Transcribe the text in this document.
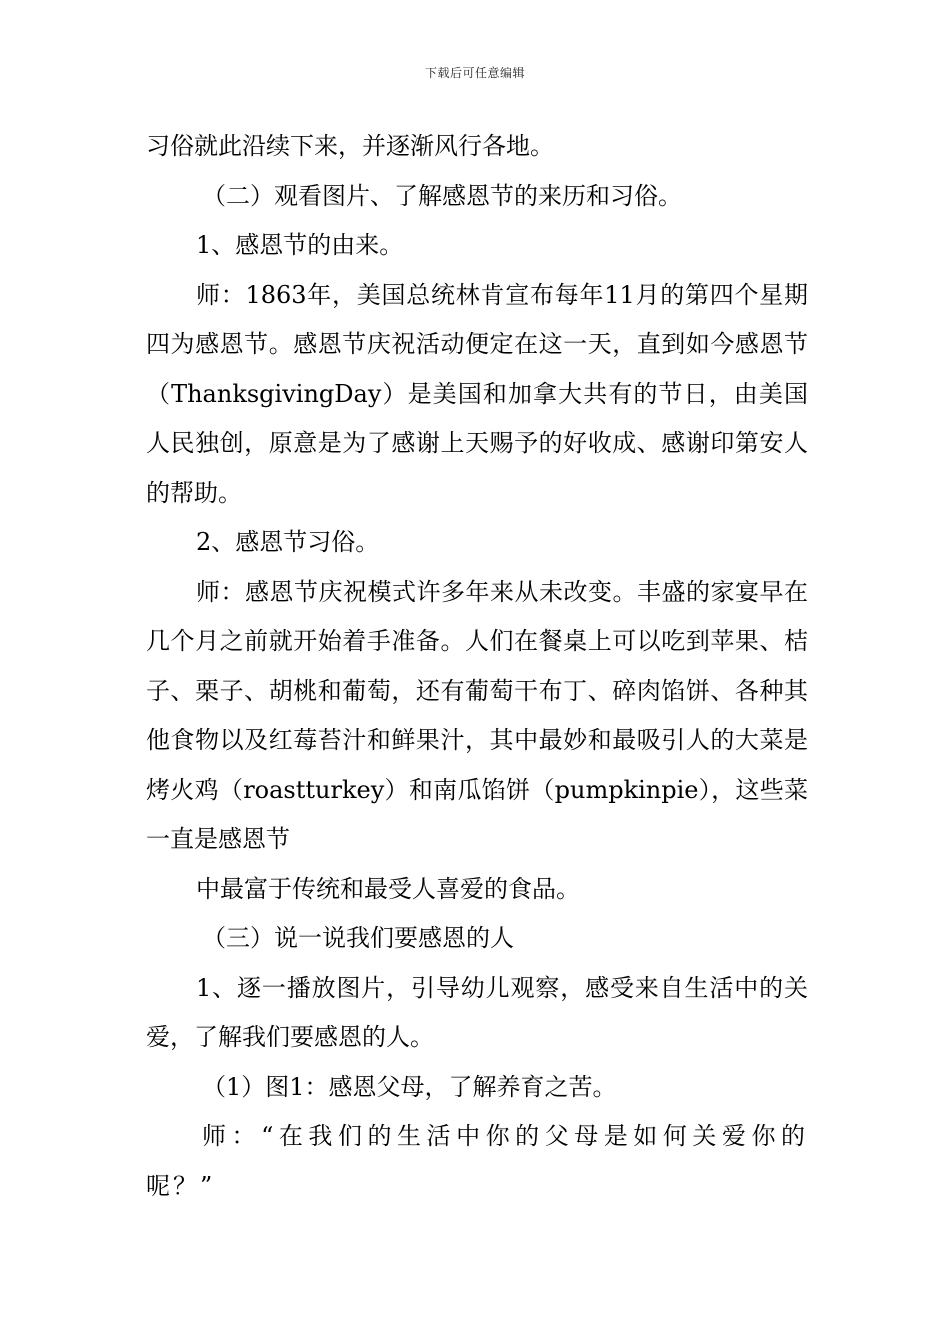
下载后可任意编辑

习俗就此沿续下来，并逐渐风行各地。

（二）观看图片、了解感恩节的来历和习俗。

1、感恩节的由来。

师：1863年，美国总统林肯宣布每年11月的第四个星期四为感恩节。感恩节庆祝活动便定在这一天，直到如今感恩节（ThanksgivingDay）是美国和加拿大共有的节日，由美国人民独创，原意是为了感谢上天赐予的好收成、感谢印第安人的帮助。

2、感恩节习俗。

师：感恩节庆祝模式许多年来从未改变。丰盛的家宴早在几个月之前就开始着手准备。人们在餐桌上可以吃到苹果、桔子、栗子、胡桃和葡萄，还有葡萄干布丁、碎肉馅饼、各种其他食物以及红莓苔汁和鲜果汁，其中最妙和最吸引人的大菜是烤火鸡（roastturkey）和南瓜馅饼（pumpkinpie），这些菜一直是感恩节

中最富于传统和最受人喜爱的食品。

（三）说一说我们要感恩的人

1、逐一播放图片，引导幼儿观察，感受来自生活中的关爱，了解我们要感恩的人。

（1）图1：感恩父母，了解养育之苦。

师：“在我们的生活中你的父母是如何关爱你的呢？”
